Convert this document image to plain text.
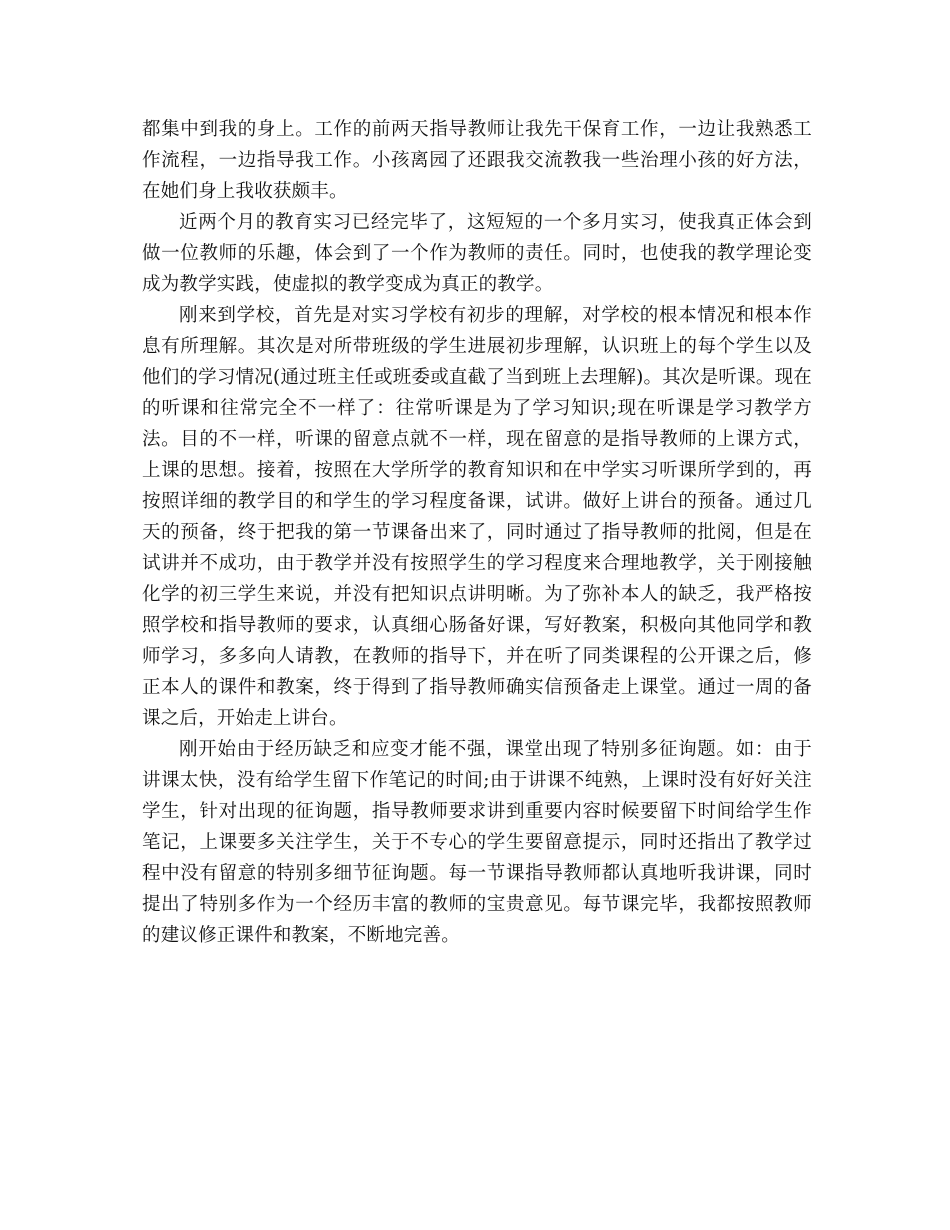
都集中到我的身上。工作的前两天指导教师让我先干保育工作，一边让我熟悉工作流程，一边指导我工作。小孩离园了还跟我交流教我一些治理小孩的好方法，在她们身上我收获颇丰。

近两个月的教育实习已经完毕了，这短短的一个多月实习，使我真正体会到做一位教师的乐趣，体会到了一个作为教师的责任。同时，也使我的教学理论变成为教学实践，使虚拟的教学变成为真正的教学。

刚来到学校，首先是对实习学校有初步的理解，对学校的根本情况和根本作息有所理解。其次是对所带班级的学生进展初步理解，认识班上的每个学生以及他们的学习情况(通过班主任或班委或直截了当到班上去理解)。其次是听课。现在的听课和往常完全不一样了：往常听课是为了学习知识;现在听课是学习教学方法。目的不一样，听课的留意点就不一样，现在留意的是指导教师的上课方式，上课的思想。接着，按照在大学所学的教育知识和在中学实习听课所学到的，再按照详细的教学目的和学生的学习程度备课，试讲。做好上讲台的预备。通过几天的预备，终于把我的第一节课备出来了，同时通过了指导教师的批阅，但是在试讲并不成功，由于教学并没有按照学生的学习程度来合理地教学，关于刚接触化学的初三学生来说，并没有把知识点讲明晰。为了弥补本人的缺乏，我严格按照学校和指导教师的要求，认真细心肠备好课，写好教案，积极向其他同学和教师学习，多多向人请教，在教师的指导下，并在听了同类课程的公开课之后，修正本人的课件和教案，终于得到了指导教师确实信预备走上课堂。通过一周的备课之后，开始走上讲台。

刚开始由于经历缺乏和应变才能不强，课堂出现了特别多征询题。如：由于讲课太快，没有给学生留下作笔记的时间;由于讲课不纯熟，上课时没有好好关注学生，针对出现的征询题，指导教师要求讲到重要内容时候要留下时间给学生作笔记，上课要多关注学生，关于不专心的学生要留意提示，同时还指出了教学过程中没有留意的特别多细节征询题。每一节课指导教师都认真地听我讲课，同时提出了特别多作为一个经历丰富的教师的宝贵意见。每节课完毕，我都按照教师的建议修正课件和教案，不断地完善。
